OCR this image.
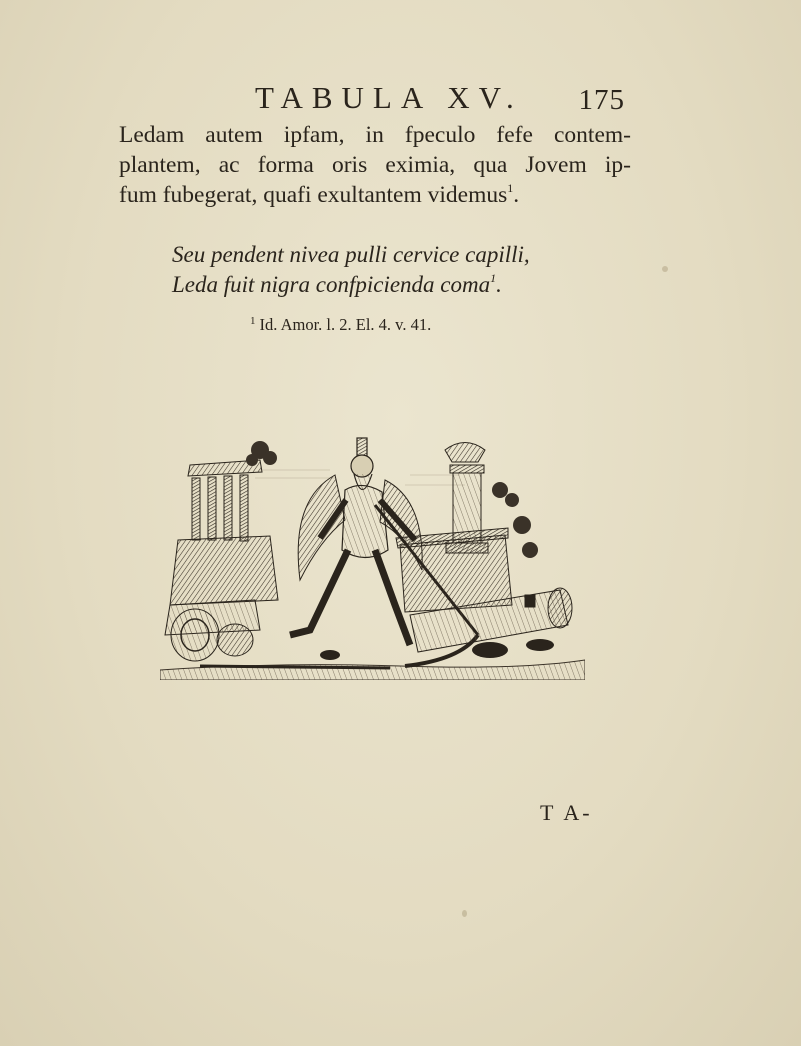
TABULA XV. 175
Ledam autem ipfam, in fpeculo fefe contem-
plantem, ac forma oris eximia, qua Jovem ip-
fum fubegerat, quafi exultantem videmus$^1$.
Seu pendent nivea pulli cervice capilli,
Leda fuit nigra confpicienda coma$^1$.
$^1$ Id. Amor. l. 2. El. 4. v. 41.
T A-
